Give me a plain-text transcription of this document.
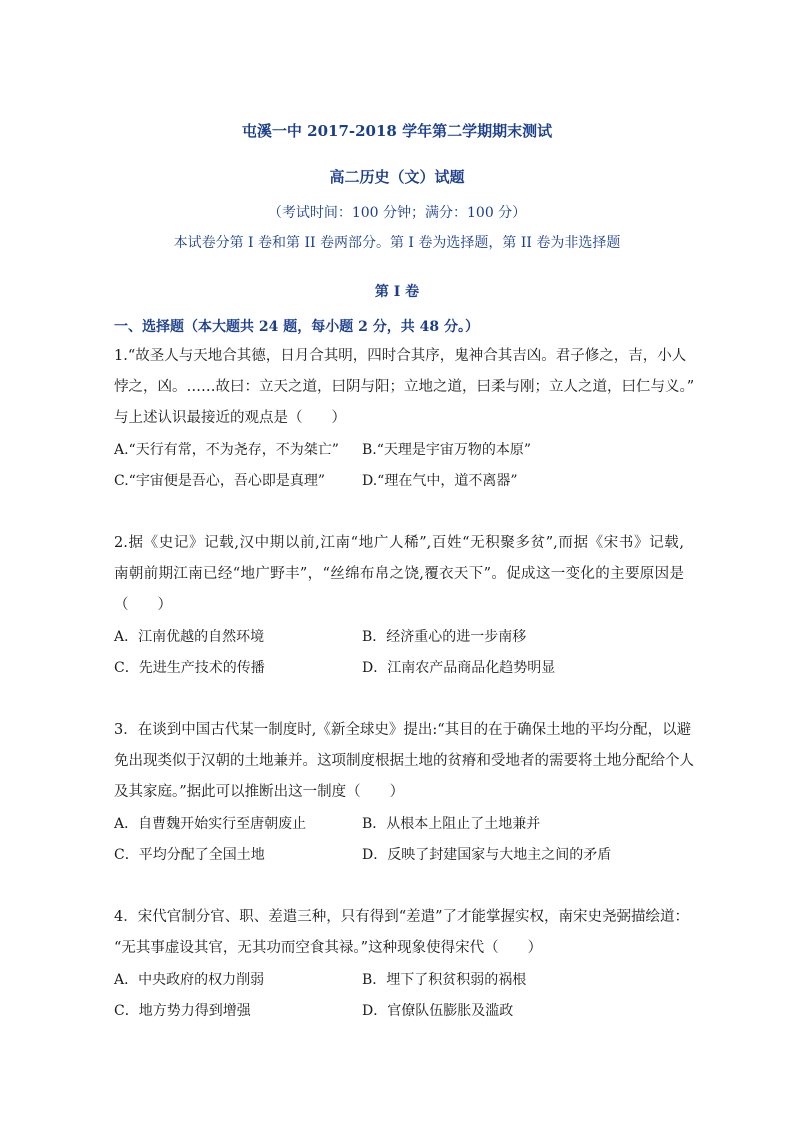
屯溪一中 2017-2018 学年第二学期期末测试
高二历史（文）试题
（考试时间：100 分钟；满分：100 分）
本试卷分第 I 卷和第 II 卷两部分。第 I 卷为选择题，第 II 卷为非选择题
第 I 卷
一、选择题（本大题共 24 题，每小题 2 分，共 48 分。）
1.“故圣人与天地合其德，日月合其明，四时合其序，鬼神合其吉凶。君子修之，吉，小人
悖之，凶。……故曰：立天之道，曰阴与阳；立地之道，曰柔与刚；立人之道，曰仁与义。”
与上述认识最接近的观点是（　　）
A.“天行有常，不为尧存，不为桀亡” B.“天理是宇宙万物的本原”
C.“宇宙便是吾心，吾心即是真理”	D.“理在气中，道不离器”
2.据《史记》记载,汉中期以前,江南“地广人稀”,百姓“无积聚多贫”,而据《宋书》记载,
南朝前期江南已经“地广野丰”，“丝绵布帛之饶,覆衣天下”。促成这一变化的主要原因是
（　　）
A．江南优越的自然环境	B．经济重心的进一步南移
C．先进生产技术的传播	D．江南农产品商品化趋势明显
3．在谈到中国古代某一制度时,《新全球史》提出:“其目的在于确保土地的平均分配，以避
免出现类似于汉朝的土地兼并。这项制度根据土地的贫瘠和受地者的需要将土地分配给个人
及其家庭。”据此可以推断出这一制度（　　）
A．自曹魏开始实行至唐朝废止	B．从根本上阻止了土地兼并
C．平均分配了全国土地	D．反映了封建国家与大地主之间的矛盾
4．宋代官制分官、职、差遣三种，只有得到“差遣”了才能掌握实权，南宋史尧弼描绘道：
“无其事虚设其官，无其功而空食其禄。”这种现象使得宋代（　　）
A．中央政府的权力削弱	B．埋下了积贫积弱的祸根
C．地方势力得到增强	D．官僚队伍膨胀及滥政
